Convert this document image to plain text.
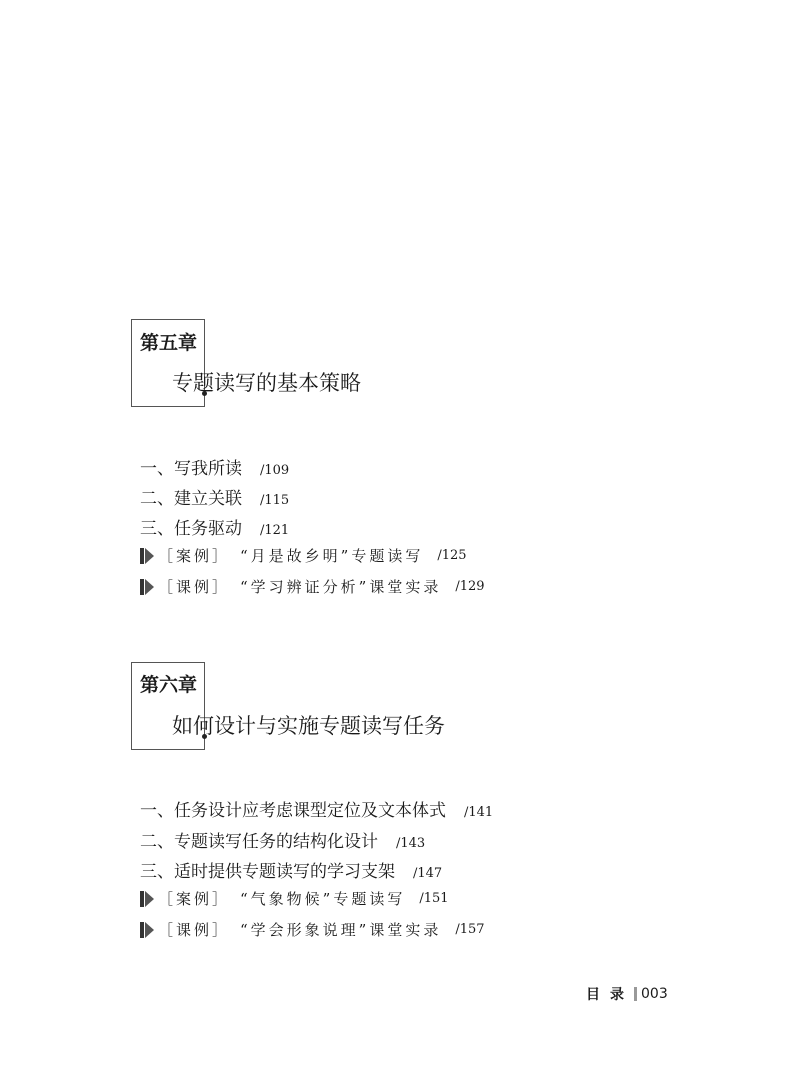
第五章
专题读写的基本策略
一、写我所读 /109
二、建立关联 /115
三、任务驱动 /121
［案例］ “月是故乡明”专题读写 /125
［课例］ “学习辨证分析”课堂实录 /129
第六章
如何设计与实施专题读写任务
一、任务设计应考虑课型定位及文本体式 /141
二、专题读写任务的结构化设计 /143
三、适时提供专题读写的学习支架 /147
［案例］ “气象物候”专题读写 /151
［课例］ “学会形象说理”课堂实录 /157
目录 003
